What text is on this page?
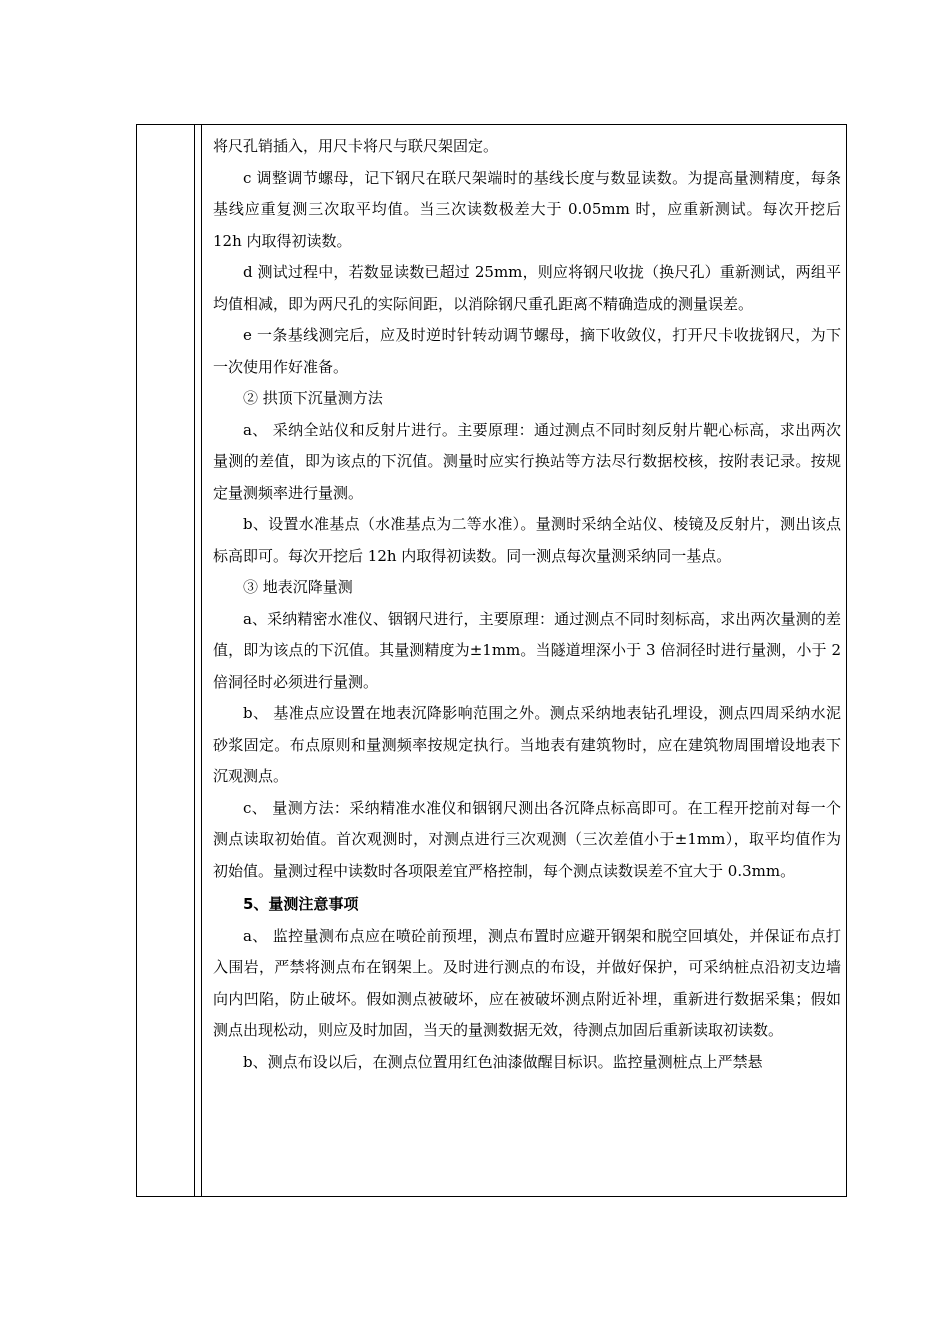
将尺孔销插入，用尺卡将尺与联尺架固定。

c 调整调节螺母，记下钢尺在联尺架端时的基线长度与数显读数。为提高量测精度，每条基线应重复测三次取平均值。当三次读数极差大于 0.05mm 时，应重新测试。每次开挖后 12h 内取得初读数。

d 测试过程中，若数显读数已超过 25mm，则应将钢尺收拢（换尺孔）重新测试，两组平均值相减，即为两尺孔的实际间距，以消除钢尺重孔距离不精确造成的测量误差。

e 一条基线测完后，应及时逆时针转动调节螺母，摘下收敛仪，打开尺卡收拢钢尺，为下一次使用作好准备。

② 拱顶下沉量测方法

a、 采纳全站仪和反射片进行。主要原理：通过测点不同时刻反射片靶心标高，求出两次量测的差值，即为该点的下沉值。测量时应实行换站等方法尽行数据校核，按附表记录。按规定量测频率进行量测。

b、设置水准基点（水准基点为二等水准）。量测时采纳全站仪、棱镜及反射片，测出该点标高即可。每次开挖后 12h 内取得初读数。同一测点每次量测采纳同一基点。

③ 地表沉降量测

a、采纳精密水准仪、铟钢尺进行，主要原理：通过测点不同时刻标高，求出两次量测的差值，即为该点的下沉值。其量测精度为±1mm。当隧道埋深小于 3 倍洞径时进行量测，小于 2 倍洞径时必须进行量测。

b、 基准点应设置在地表沉降影响范围之外。测点采纳地表钻孔埋设，测点四周采纳水泥砂浆固定。布点原则和量测频率按规定执行。当地表有建筑物时，应在建筑物周围增设地表下沉观测点。

c、 量测方法：采纳精准水准仪和铟钢尺测出各沉降点标高即可。在工程开挖前对每一个测点读取初始值。首次观测时，对测点进行三次观测（三次差值小于±1mm），取平均值作为初始值。量测过程中读数时各项限差宜严格控制，每个测点读数误差不宜大于 0.3mm。

5、量测注意事项

a、 监控量测布点应在喷砼前预埋，测点布置时应避开钢架和脱空回填处，并保证布点打入围岩，严禁将测点布在钢架上。及时进行测点的布设，并做好保护，可采纳桩点沿初支边墙向内凹陷，防止破坏。假如测点被破坏，应在被破坏测点附近补埋，重新进行数据采集；假如测点出现松动，则应及时加固，当天的量测数据无效，待测点加固后重新读取初读数。

b、测点布设以后，在测点位置用红色油漆做醒目标识。监控量测桩点上严禁悬
